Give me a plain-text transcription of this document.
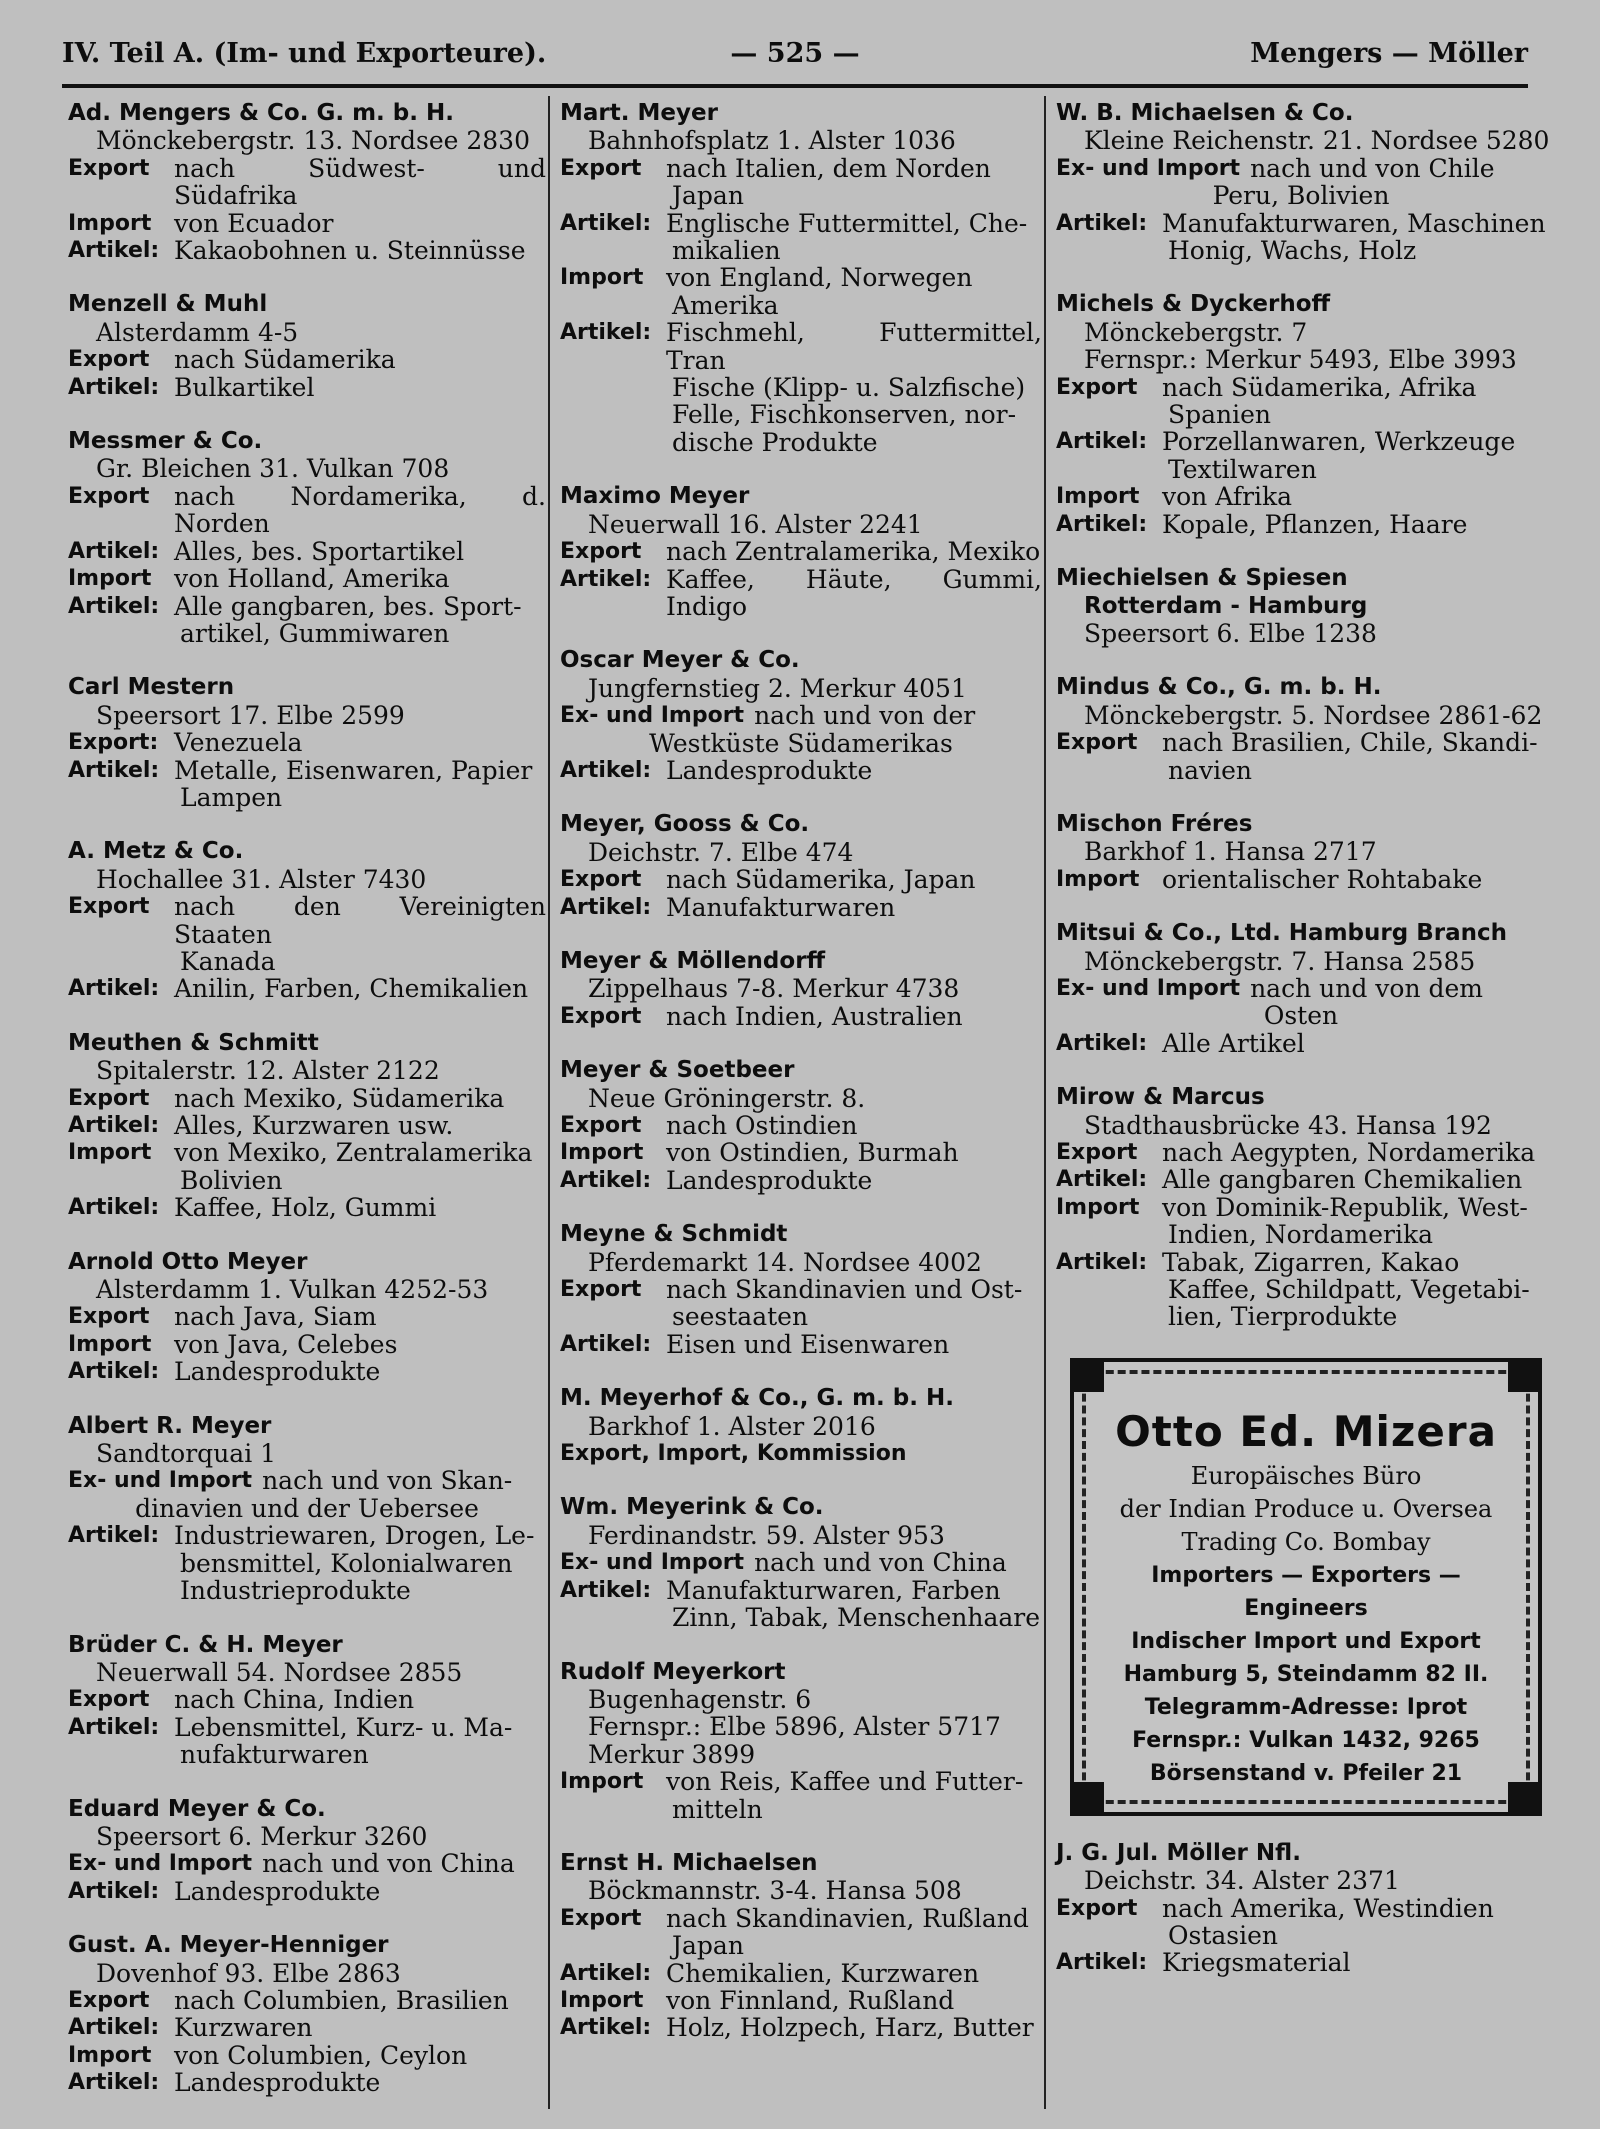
IV. Teil A. (Im- und Exporteure).	— 525 —	Mengers — Möller
Ad. Mengers & Co. G. m. b. H.
Mönckebergstr. 13. Nordsee 2830
Export nach Südwest- und Südafrika
Import von Ecuador
Artikel: Kakaobohnen u. Steinnüsse
Menzell & Muhl
Alsterdamm 4-5
Export nach Südamerika
Artikel: Bulkartikel
Messmer & Co.
Gr. Bleichen 31. Vulkan 708
Export nach Nordamerika, d. Norden
Artikel: Alles, bes. Sportartikel
Import von Holland, Amerika
Artikel: Alle gangbaren, bes. Sport-
artikel, Gummiwaren
Carl Mestern
Speersort 17. Elbe 2599
Export: Venezuela
Artikel: Metalle, Eisenwaren, Papier
Lampen
A. Metz & Co.
Hochallee 31. Alster 7430
Export nach den Vereinigten Staaten
Kanada
Artikel: Anilin, Farben, Chemikalien
Meuthen & Schmitt
Spitalerstr. 12. Alster 2122
Export nach Mexiko, Südamerika
Artikel: Alles, Kurzwaren usw.
Import von Mexiko, Zentralamerika
Bolivien
Artikel: Kaffee, Holz, Gummi
Arnold Otto Meyer
Alsterdamm 1. Vulkan 4252-53
Export nach Java, Siam
Import von Java, Celebes
Artikel: Landesprodukte
Albert R. Meyer
Sandtorquai 1
Ex- und Import nach und von Skan-
dinavien und der Uebersee
Artikel: Industriewaren, Drogen, Le-
bensmittel, Kolonialwaren
Industrieprodukte
Brüder C. & H. Meyer
Neuerwall 54. Nordsee 2855
Export nach China, Indien
Artikel: Lebensmittel, Kurz- u. Ma-
nufakturwaren
Eduard Meyer & Co.
Speersort 6. Merkur 3260
Ex- und Import nach und von China
Artikel: Landesprodukte
Gust. A. Meyer-Henniger
Dovenhof 93. Elbe 2863
Export nach Columbien, Brasilien
Artikel: Kurzwaren
Import von Columbien, Ceylon
Artikel: Landesprodukte
Mart. Meyer
Bahnhofsplatz 1. Alster 1036
Export nach Italien, dem Norden
Japan
Artikel: Englische Futtermittel, Che-
mikalien
Import von England, Norwegen
Amerika
Artikel: Fischmehl, Futtermittel, Tran
Fische (Klipp- u. Salzfische)
Felle, Fischkonserven, nor-
dische Produkte
Maximo Meyer
Neuerwall 16. Alster 2241
Export nach Zentralamerika, Mexiko
Artikel: Kaffee, Häute, Gummi, Indigo
Oscar Meyer & Co.
Jungfernstieg 2. Merkur 4051
Ex- und Import nach und von der
Westküste Südamerikas
Artikel: Landesprodukte
Meyer, Gooss & Co.
Deichstr. 7. Elbe 474
Export nach Südamerika, Japan
Artikel: Manufakturwaren
Meyer & Möllendorff
Zippelhaus 7-8. Merkur 4738
Export nach Indien, Australien
Meyer & Soetbeer
Neue Gröningerstr. 8.
Export nach Ostindien
Import von Ostindien, Burmah
Artikel: Landesprodukte
Meyne & Schmidt
Pferdemarkt 14. Nordsee 4002
Export nach Skandinavien und Ost-
seestaaten
Artikel: Eisen und Eisenwaren
M. Meyerhof & Co., G. m. b. H.
Barkhof 1. Alster 2016
Export, Import, Kommission
Wm. Meyerink & Co.
Ferdinandstr. 59. Alster 953
Ex- und Import nach und von China
Artikel: Manufakturwaren, Farben
Zinn, Tabak, Menschenhaare
Rudolf Meyerkort
Bugenhagenstr. 6
Fernspr.: Elbe 5896, Alster 5717
Merkur 3899
Import von Reis, Kaffee und Futter-
mitteln
Ernst H. Michaelsen
Böckmannstr. 3-4. Hansa 508
Export nach Skandinavien, Rußland
Japan
Artikel: Chemikalien, Kurzwaren
Import von Finnland, Rußland
Artikel: Holz, Holzpech, Harz, Butter
W. B. Michaelsen & Co.
Kleine Reichenstr. 21. Nordsee 5280
Ex- und Import nach und von Chile
Peru, Bolivien
Artikel: Manufakturwaren, Maschinen
Honig, Wachs, Holz
Michels & Dyckerhoff
Mönckebergstr. 7
Fernspr.: Merkur 5493, Elbe 3993
Export nach Südamerika, Afrika
Spanien
Artikel: Porzellanwaren, Werkzeuge
Textilwaren
Import von Afrika
Artikel: Kopale, Pflanzen, Haare
Miechielsen & Spiesen
Rotterdam - Hamburg
Speersort 6. Elbe 1238
Mindus & Co., G. m. b. H.
Mönckebergstr. 5. Nordsee 2861-62
Export nach Brasilien, Chile, Skandi-
navien
Mischon Fréres
Barkhof 1. Hansa 2717
Import orientalischer Rohtabake
Mitsui & Co., Ltd. Hamburg Branch
Mönckebergstr. 7. Hansa 2585
Ex- und Import nach und von dem
Osten
Artikel: Alle Artikel
Mirow & Marcus
Stadthausbrücke 43. Hansa 192
Export nach Aegypten, Nordamerika
Artikel: Alle gangbaren Chemikalien
Import von Dominik-Republik, West-
Indien, Nordamerika
Artikel: Tabak, Zigarren, Kakao
Kaffee, Schildpatt, Vegetabi-
lien, Tierprodukte
Otto Ed. Mizera
Europäisches Büro
der Indian Produce u. Oversea
Trading Co. Bombay
Importers — Exporters —
Engineers
Indischer Import und Export
Hamburg 5, Steindamm 82 II.
Telegramm-Adresse: Iprot
Fernspr.: Vulkan 1432, 9265
Börsenstand v. Pfeiler 21
J. G. Jul. Möller Nfl.
Deichstr. 34. Alster 2371
Export nach Amerika, Westindien
Ostasien
Artikel: Kriegsmaterial
